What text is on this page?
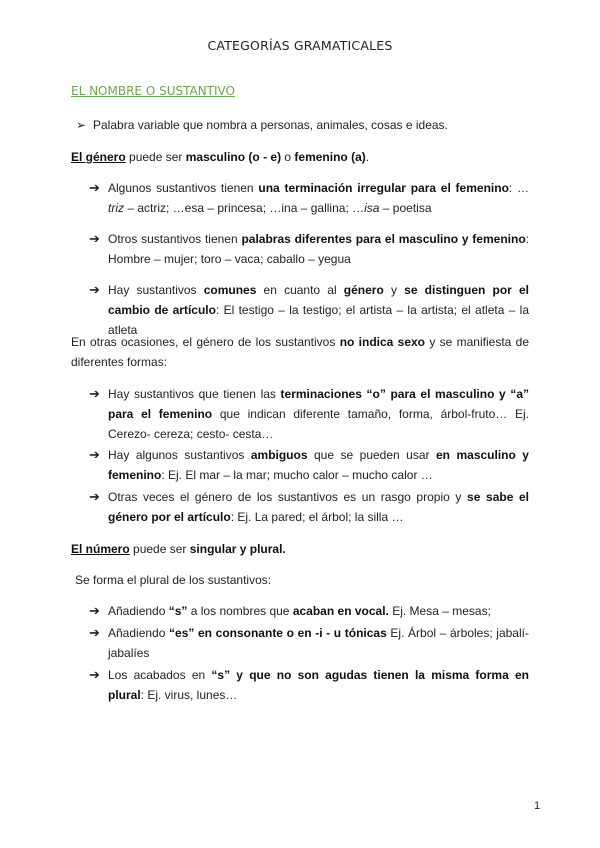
CATEGORÍAS GRAMATICALES
EL NOMBRE O SUSTANTIVO
➢ Palabra variable que nombra a personas, animales, cosas e ideas.

El género puede ser masculino (o - e) o femenino (a).

➔ Algunos sustantivos tienen una terminación irregular para el femenino: …triz – actriz; …esa – princesa; …ina – gallina; …isa – poetisa

➔ Otros sustantivos tienen palabras diferentes para el masculino y femenino: Hombre – mujer; toro – vaca; caballo – yegua

➔ Hay sustantivos comunes en cuanto al género y se distinguen por el cambio de artículo: El testigo – la testigo; el artista – la artista; el atleta – la atleta

En otras ocasiones, el género de los sustantivos no indica sexo y se manifiesta de diferentes formas:

➔ Hay sustantivos que tienen las terminaciones “o” para el masculino y “a” para el femenino que indican diferente tamaño, forma, árbol-fruto… Ej. Cerezo- cereza; cesto- cesta…

➔ Hay algunos sustantivos ambiguos que se pueden usar en masculino y femenino: Ej. El mar – la mar; mucho calor – mucho calor …

➔ Otras veces el género de los sustantivos es un rasgo propio y se sabe el género por el artículo: Ej. La pared; el árbol; la silla …

El número puede ser singular y plural.

Se forma el plural de los sustantivos:

➔ Añadiendo “s” a los nombres que acaban en vocal. Ej. Mesa – mesas;

➔ Añadiendo “es” en consonante o en -i - u tónicas Ej. Árbol – árboles; jabalí-jabalíes

➔ Los acabados en “s” y que no son agudas tienen la misma forma en plural: Ej. virus, lunes…

1
